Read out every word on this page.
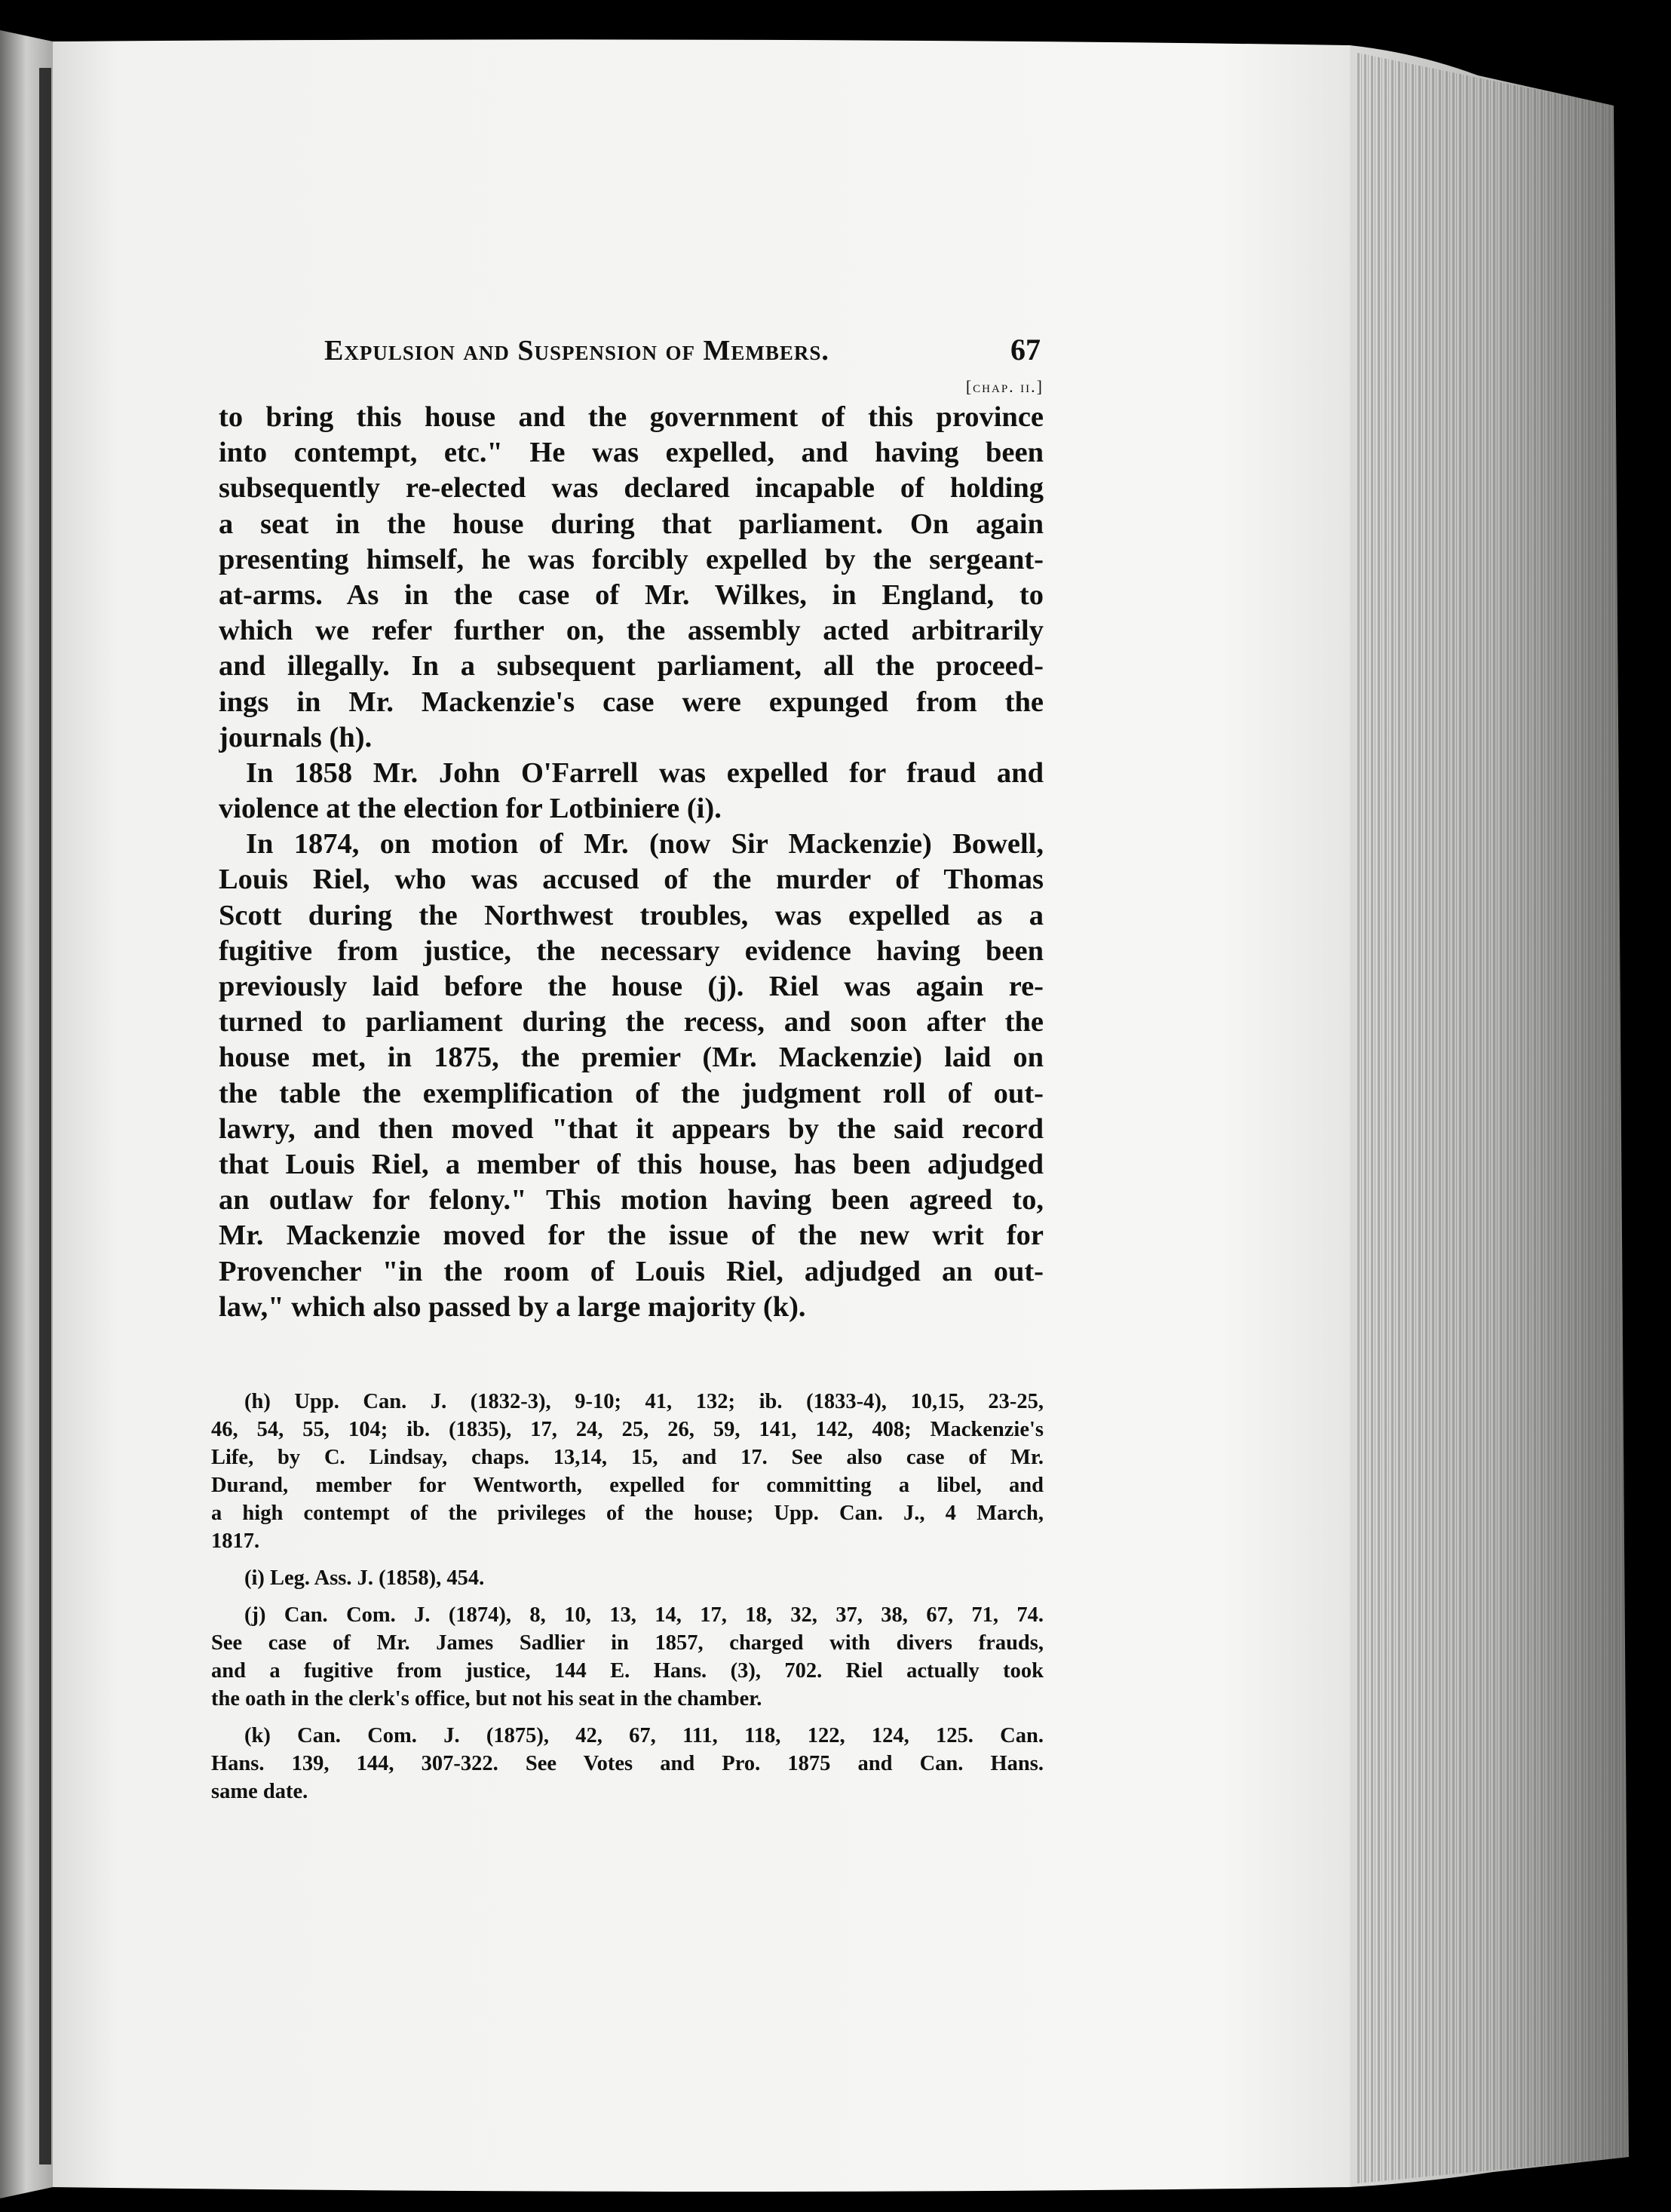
Expulsion and Suspension of Members.	67
[chap. ii.]
to bring this house and the government of this province
into contempt, etc." He was expelled, and having been
subsequently re-elected was declared incapable of holding
a seat in the house during that parliament. On again
presenting himself, he was forcibly expelled by the sergeant-
at-arms. As in the case of Mr. Wilkes, in England, to
which we refer further on, the assembly acted arbitrarily
and illegally. In a subsequent parliament, all the proceed-
ings in Mr. Mackenzie's case were expunged from the
journals (h).
In 1858 Mr. John O'Farrell was expelled for fraud and
violence at the election for Lotbiniere (i).
In 1874, on motion of Mr. (now Sir Mackenzie) Bowell,
Louis Riel, who was accused of the murder of Thomas
Scott during the Northwest troubles, was expelled as a
fugitive from justice, the necessary evidence having been
previously laid before the house (j). Riel was again re-
turned to parliament during the recess, and soon after the
house met, in 1875, the premier (Mr. Mackenzie) laid on
the table the exemplification of the judgment roll of out-
lawry, and then moved "that it appears by the said record
that Louis Riel, a member of this house, has been adjudged
an outlaw for felony." This motion having been agreed to,
Mr. Mackenzie moved for the issue of the new writ for
Provencher "in the room of Louis Riel, adjudged an out-
law," which also passed by a large majority (k).
(h) Upp. Can. J. (1832-3), 9-10; 41, 132; ib. (1833-4), 10,15, 23-25,
46, 54, 55, 104; ib. (1835), 17, 24, 25, 26, 59, 141, 142, 408; Mackenzie's
Life, by C. Lindsay, chaps. 13,14, 15, and 17. See also case of Mr.
Durand, member for Wentworth, expelled for committing a libel, and
a high contempt of the privileges of the house; Upp. Can. J., 4 March,
1817.
(i) Leg. Ass. J. (1858), 454.
(j) Can. Com. J. (1874), 8, 10, 13, 14, 17, 18, 32, 37, 38, 67, 71, 74.
See case of Mr. James Sadlier in 1857, charged with divers frauds,
and a fugitive from justice, 144 E. Hans. (3), 702. Riel actually took
the oath in the clerk's office, but not his seat in the chamber.
(k) Can. Com. J. (1875), 42, 67, 111, 118, 122, 124, 125. Can.
Hans. 139, 144, 307-322. See Votes and Pro. 1875 and Can. Hans.
same date.
